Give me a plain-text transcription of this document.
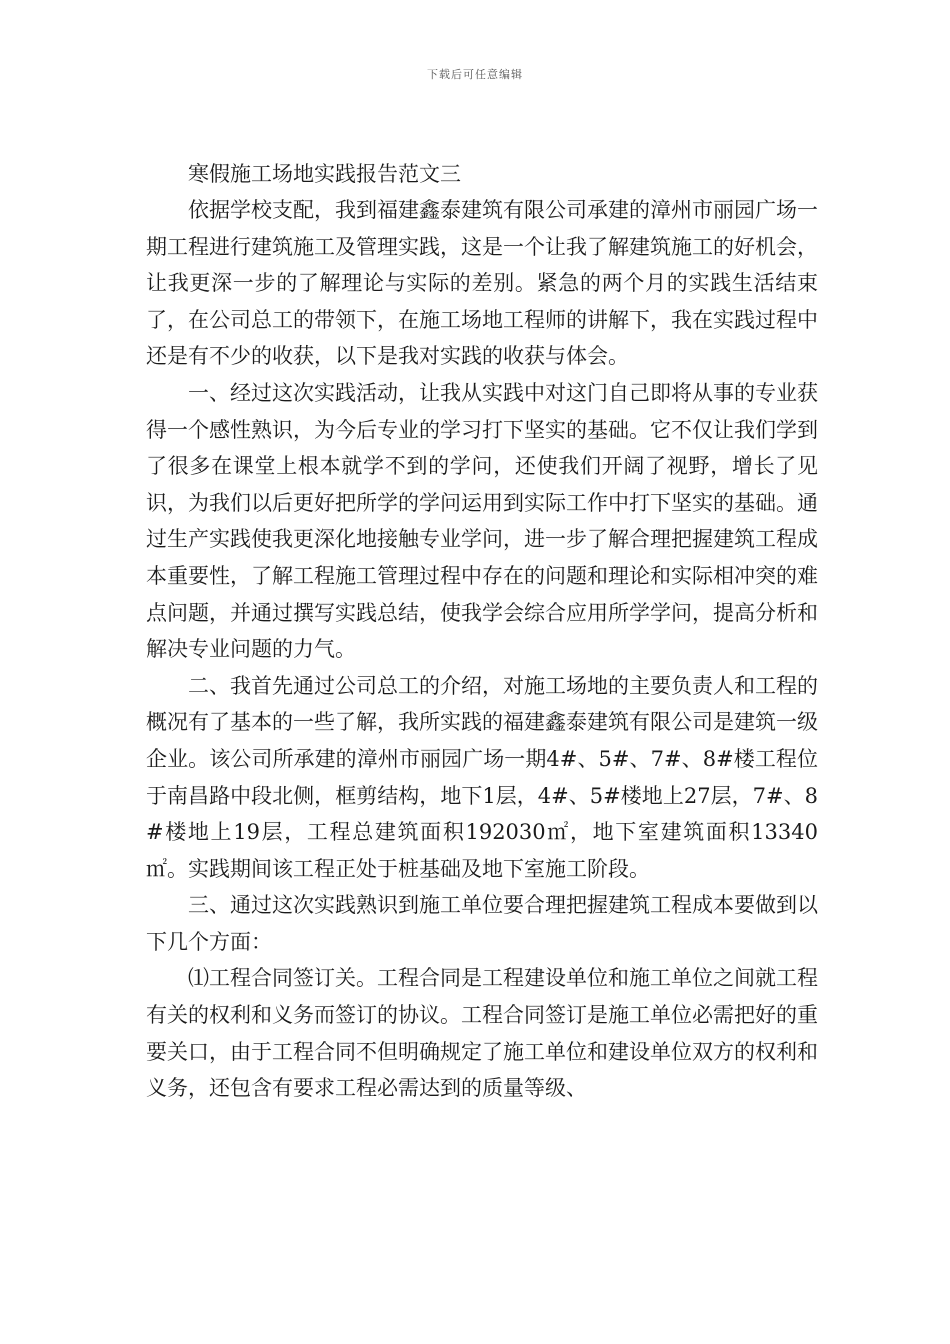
下载后可任意编辑
寒假施工场地实践报告范文三

依据学校支配，我到福建鑫泰建筑有限公司承建的漳州市丽园广场一期工程进行建筑施工及管理实践，这是一个让我了解建筑施工的好机会，让我更深一步的了解理论与实际的差别。紧急的两个月的实践生活结束了，在公司总工的带领下，在施工场地工程师的讲解下，我在实践过程中还是有不少的收获，以下是我对实践的收获与体会。

一、经过这次实践活动，让我从实践中对这门自己即将从事的专业获得一个感性熟识，为今后专业的学习打下坚实的基础。它不仅让我们学到了很多在课堂上根本就学不到的学问，还使我们开阔了视野，增长了见识，为我们以后更好把所学的学问运用到实际工作中打下坚实的基础。通过生产实践使我更深化地接触专业学问，进一步了解合理把握建筑工程成本重要性，了解工程施工管理过程中存在的问题和理论和实际相冲突的难点问题，并通过撰写实践总结，使我学会综合应用所学学问，提高分析和解决专业问题的力气。

二、我首先通过公司总工的介绍，对施工场地的主要负责人和工程的概况有了基本的一些了解，我所实践的福建鑫泰建筑有限公司是建筑一级企业。该公司所承建的漳州市丽园广场一期4#、5#、7#、8#楼工程位于南昌路中段北侧，框剪结构，地下1层，4#、5#楼地上27层，7#、8#楼地上19层，工程总建筑面积192030㎡，地下室建筑面积13340㎡。实践期间该工程正处于桩基础及地下室施工阶段。

三、通过这次实践熟识到施工单位要合理把握建筑工程成本要做到以下几个方面：

⑴工程合同签订关。工程合同是工程建设单位和施工单位之间就工程有关的权利和义务而签订的协议。工程合同签订是施工单位必需把好的重要关口，由于工程合同不但明确规定了施工单位和建设单位双方的权利和义务，还包含有要求工程必需达到的质量等级、
